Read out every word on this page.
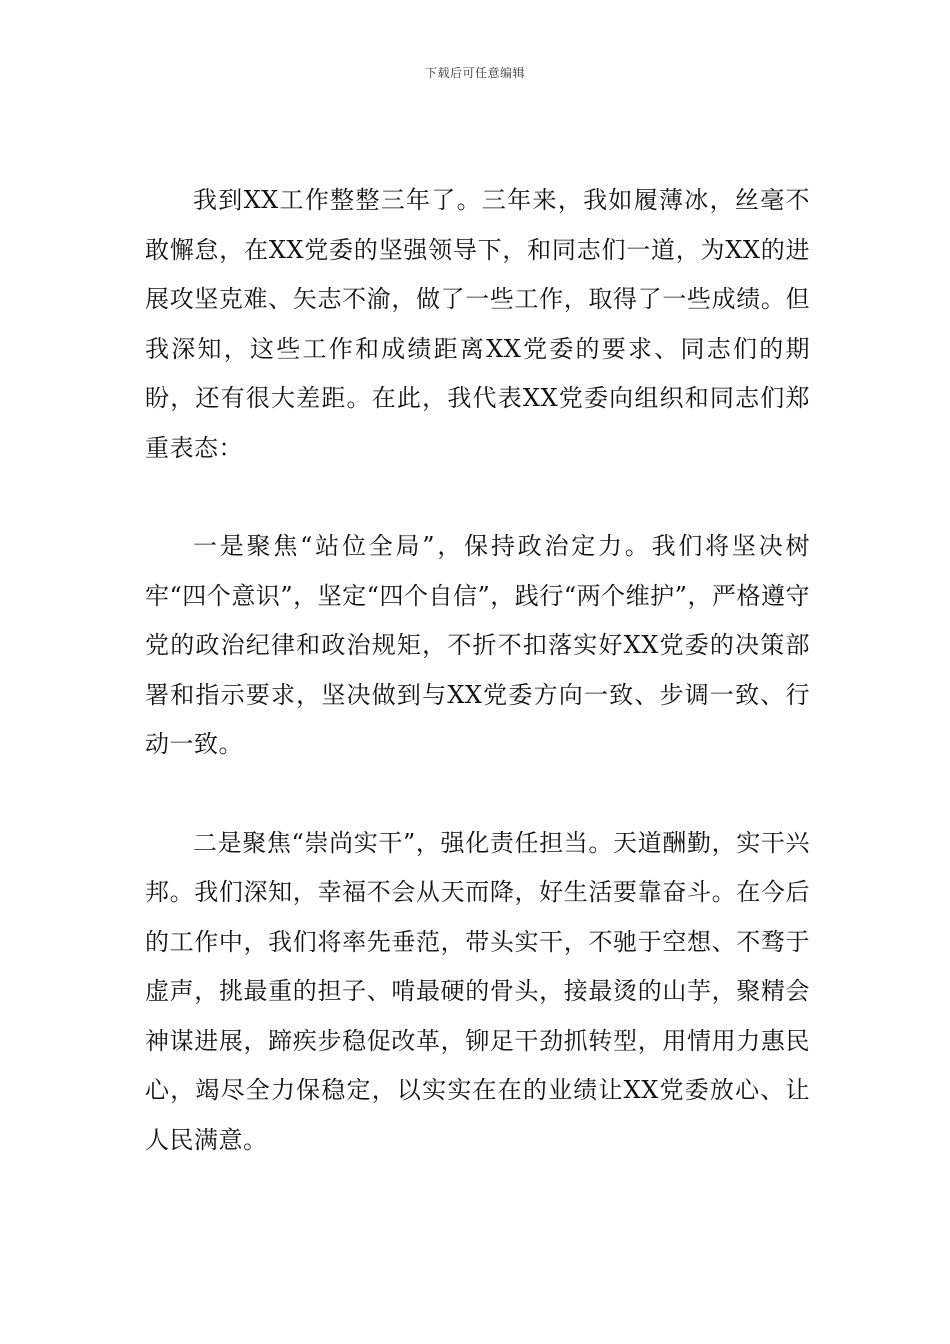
下载后可任意编辑

我到XX工作整整三年了。三年来，我如履薄冰，丝毫不敢懈怠，在XX党委的坚强领导下，和同志们一道，为XX的进展攻坚克难、矢志不渝，做了一些工作，取得了一些成绩。但我深知，这些工作和成绩距离XX党委的要求、同志们的期盼，还有很大差距。在此，我代表XX党委向组织和同志们郑重表态：

一是聚焦“站位全局”，保持政治定力。我们将坚决树牢“四个意识”，坚定“四个自信”，践行“两个维护”，严格遵守党的政治纪律和政治规矩，不折不扣落实好XX党委的决策部署和指示要求，坚决做到与XX党委方向一致、步调一致、行动一致。

二是聚焦“崇尚实干”，强化责任担当。天道酬勤，实干兴邦。我们深知，幸福不会从天而降，好生活要靠奋斗。在今后的工作中，我们将率先垂范，带头实干，不驰于空想、不骛于虚声，挑最重的担子、啃最硬的骨头，接最烫的山芋，聚精会神谋进展，蹄疾步稳促改革，铆足干劲抓转型，用情用力惠民心，竭尽全力保稳定，以实实在在的业绩让XX党委放心、让人民满意。
